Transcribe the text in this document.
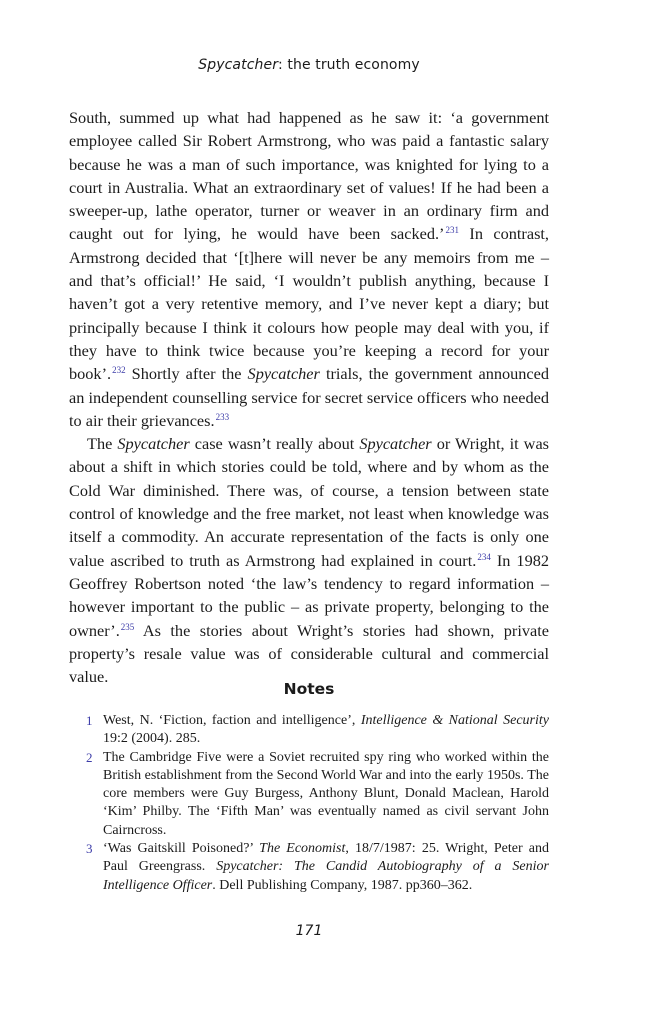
Spycatcher: the truth economy

South, summed up what had happened as he saw it: ‘a government employee called Sir Robert Armstrong, who was paid a fantastic salary because he was a man of such importance, was knighted for lying to a court in Australia. What an extraordinary set of values! If he had been a sweeper-up, lathe operator, turner or weaver in an ordinary firm and caught out for lying, he would have been sacked.’$^{231}$ In contrast, Armstrong decided that ‘[t]here will never be any memoirs from me – and that’s official!’ He said, ‘I wouldn’t publish anything, because I haven’t got a very retentive memory, and I’ve never kept a diary; but principally because I think it colours how people may deal with you, if they have to think twice because you’re keeping a record for your book’.$^{232}$ Shortly after the Spycatcher trials, the government announced an independent counselling service for secret service officers who needed to air their grievances.$^{233}$

The Spycatcher case wasn’t really about Spycatcher or Wright, it was about a shift in which stories could be told, where and by whom as the Cold War diminished. There was, of course, a tension between state control of knowledge and the free market, not least when knowledge was itself a commodity. An accurate representation of the facts is only one value ascribed to truth as Armstrong had explained in court.$^{234}$ In 1982 Geoffrey Robertson noted ‘the law’s tendency to regard information – however important to the public – as private property, belonging to the owner’.$^{235}$ As the stories about Wright’s stories had shown, private property’s resale value was of considerable cultural and commercial value.

Notes
1 West, N. ‘Fiction, faction and intelligence’, Intelligence & National Security 19:2 (2004). 285.
2 The Cambridge Five were a Soviet recruited spy ring who worked within the British establishment from the Second World War and into the early 1950s. The core members were Guy Burgess, Anthony Blunt, Donald Maclean, Harold ‘Kim’ Philby. The ‘Fifth Man’ was eventually named as civil servant John Cairncross.
3 ‘Was Gaitskill Poisoned?’ The Economist, 18/7/1987: 25. Wright, Peter and Paul Greengrass. Spycatcher: The Candid Autobiography of a Senior Intelligence Officer. Dell Publishing Company, 1987. pp360–362.
171
